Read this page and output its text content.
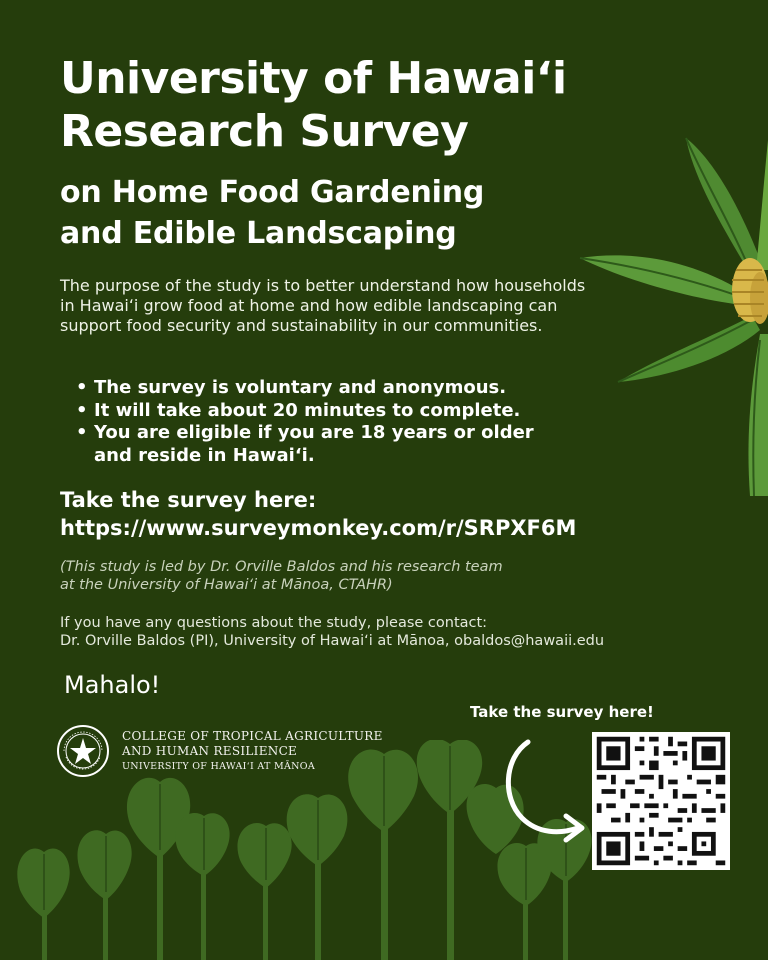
University of Hawaiʻi
Research Survey
on Home Food Gardening
and Edible Landscaping

The purpose of the study is to better understand how households in Hawaiʻi grow food at home and how edible landscaping can support food security and sustainability in our communities.

• The survey is voluntary and anonymous.
• It will take about 20 minutes to complete.
• You are eligible if you are 18 years or older
and reside in Hawaiʻi.
Take the survey here:
https://www.surveymonkey.com/r/SRPXF6M

(This study is led by Dr. Orville Baldos and his research team
at the University of Hawaiʻi at Mānoa, CTAHR)

If you have any questions about the study, please contact:
Dr. Orville Baldos (PI), University of Hawaiʻi at Mānoa, obaldos@hawaii.edu

Mahalo!

Take the survey here!

COLLEGE OF TROPICAL AGRICULTURE
AND HUMAN RESILIENCE
UNIVERSITY OF HAWAIʻI AT MĀNOA
